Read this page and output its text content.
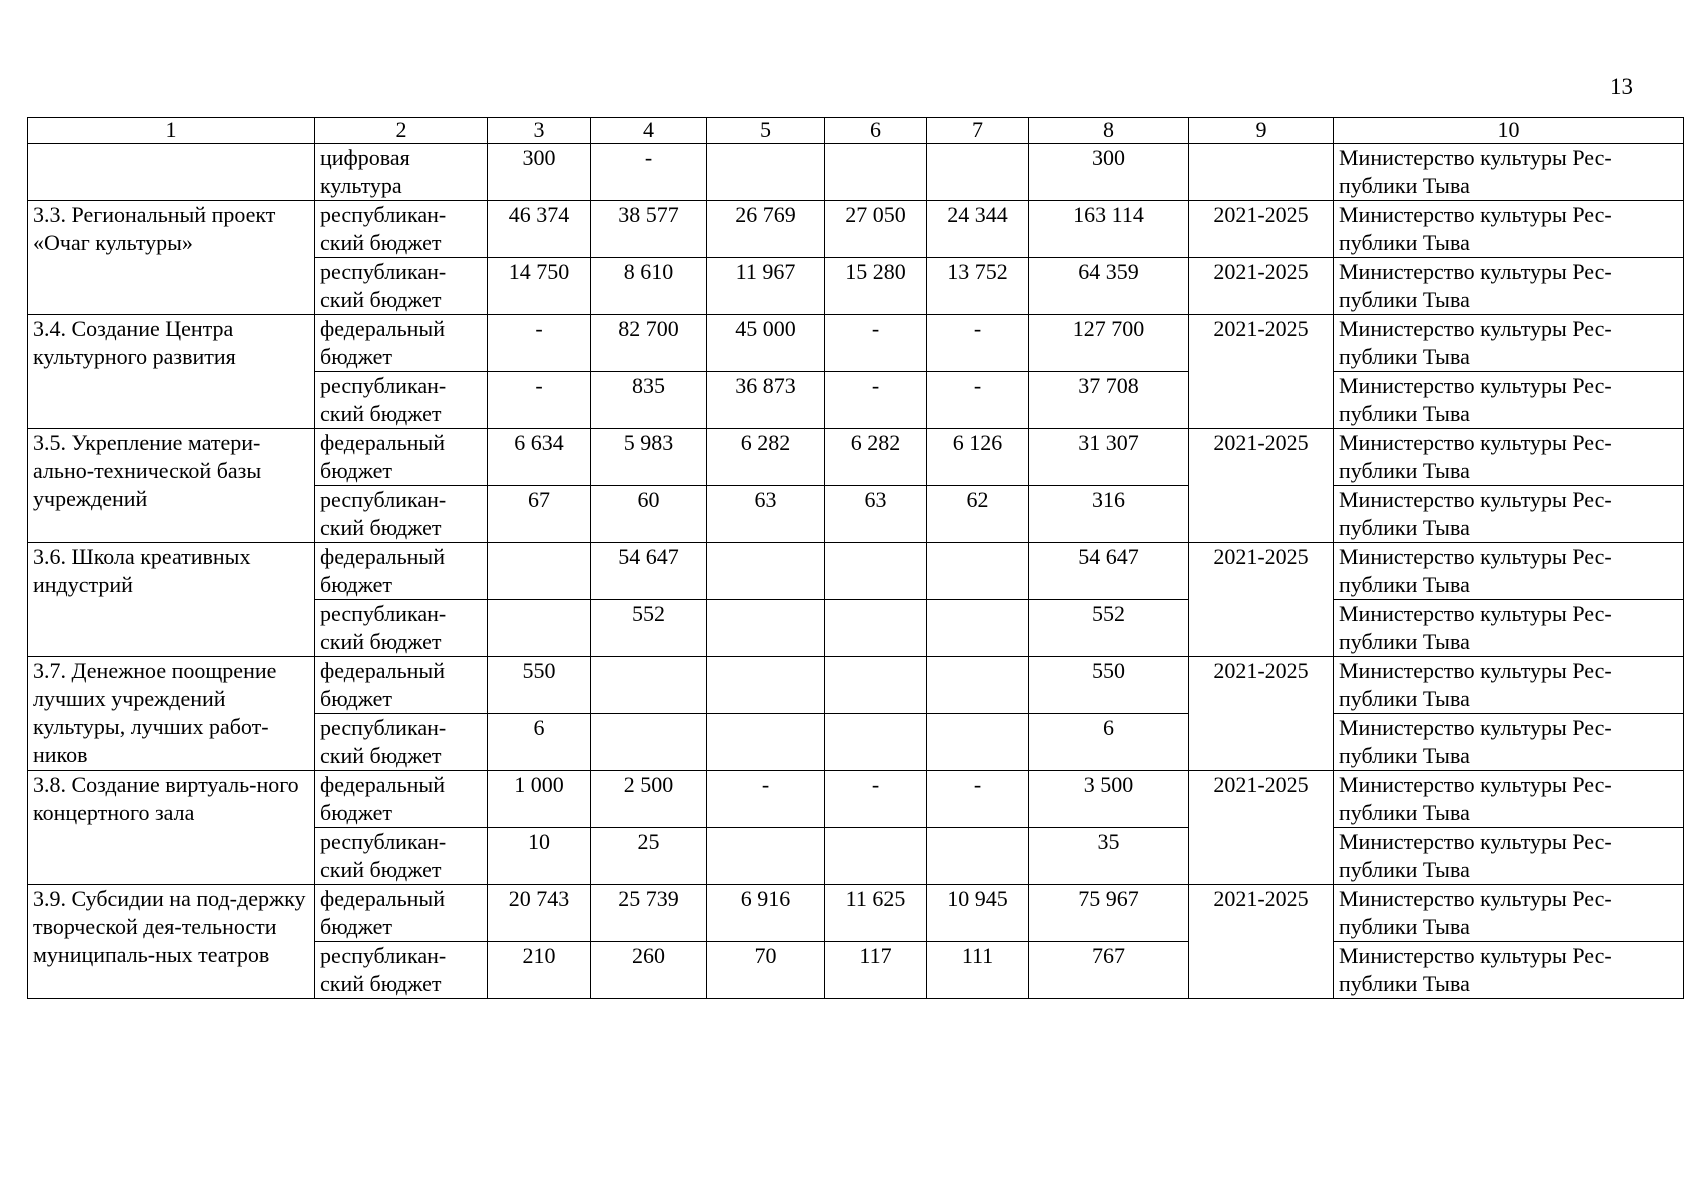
13
1	2	3	4	5	6	7	8	9	10
	цифровая культура	300	-				300		Министерство культуры Рес-публики Тыва
3.3. Региональный проект «Очаг культуры»	республикан-ский бюджет	46 374	38 577	26 769	27 050	24 344	163 114	2021-2025	Министерство культуры Рес-публики Тыва
	республикан-ский бюджет	14 750	8 610	11 967	15 280	13 752	64 359	2021-2025	Министерство культуры Рес-публики Тыва
3.4. Создание Центра культурного развития	федеральный бюджет	-	82 700	45 000	-	-	127 700	2021-2025	Министерство культуры Рес-публики Тыва
	республикан-ский бюджет	-	835	36 873	-	-	37 708		Министерство культуры Рес-публики Тыва
3.5. Укрепление матери-ально-технической базы учреждений	федеральный бюджет	6 634	5 983	6 282	6 282	6 126	31 307	2021-2025	Министерство культуры Рес-публики Тыва
	республикан-ский бюджет	67	60	63	63	62	316		Министерство культуры Рес-публики Тыва
3.6. Школа креативных индустрий	федеральный бюджет		54 647				54 647	2021-2025	Министерство культуры Рес-публики Тыва
	республикан-ский бюджет		552				552		Министерство культуры Рес-публики Тыва
3.7. Денежное поощрение лучших учреждений культуры, лучших работ-ников	федеральный бюджет	550					550	2021-2025	Министерство культуры Рес-публики Тыва
	республикан-ский бюджет	6					6		Министерство культуры Рес-публики Тыва
3.8. Создание виртуаль-ного концертного зала	федеральный бюджет	1 000	2 500	-	-	-	3 500	2021-2025	Министерство культуры Рес-публики Тыва
	республикан-ский бюджет	10	25				35		Министерство культуры Рес-публики Тыва
3.9. Субсидии на под-держку творческой дея-тельности муниципаль-ных театров	федеральный бюджет	20 743	25 739	6 916	11 625	10 945	75 967	2021-2025	Министерство культуры Рес-публики Тыва
	республикан-ский бюджет	210	260	70	117	111	767		Министерство культуры Рес-публики Тыва
